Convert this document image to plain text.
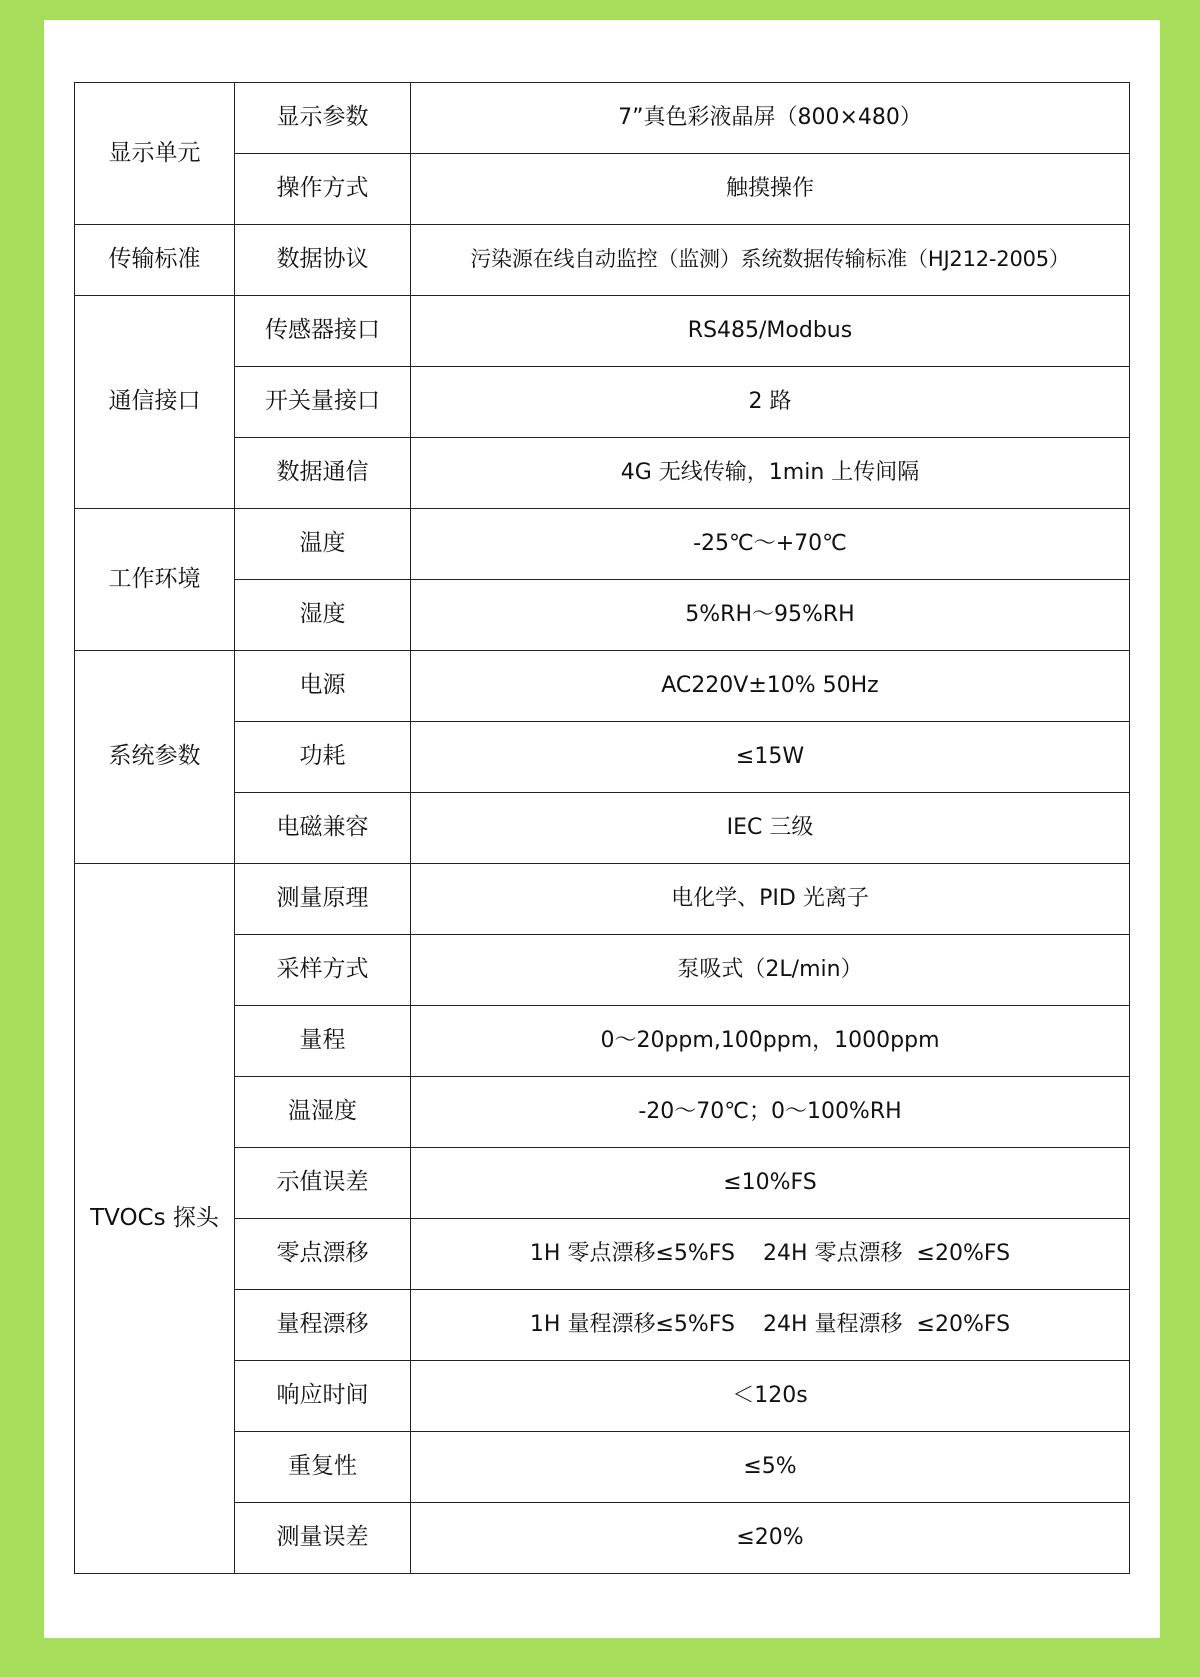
显示单元	显示参数	7”真色彩液晶屏（800×480）
	操作方式	触摸操作
传输标准	数据协议	污染源在线自动监控（监测）系统数据传输标准（HJ212-2005）
通信接口	传感器接口	RS485/Modbus
	开关量接口	2 路
	数据通信	4G 无线传输，1min 上传间隔
工作环境	温度	-25℃～+70℃
	湿度	5%RH～95%RH
系统参数	电源	AC220V±10% 50Hz
	功耗	≤15W
	电磁兼容	IEC 三级
TVOCs 探头	测量原理	电化学、PID 光离子
	采样方式	泵吸式（2L/min）
	量程	0～20ppm,100ppm，1000ppm
	温湿度	-20～70℃；0～100%RH
	示值误差	≤10%FS
	零点漂移	1H 零点漂移≤5%FS    24H 零点漂移  ≤20%FS
	量程漂移	1H 量程漂移≤5%FS    24H 量程漂移  ≤20%FS
	响应时间	＜120s
	重复性	≤5%
	测量误差	≤20%
